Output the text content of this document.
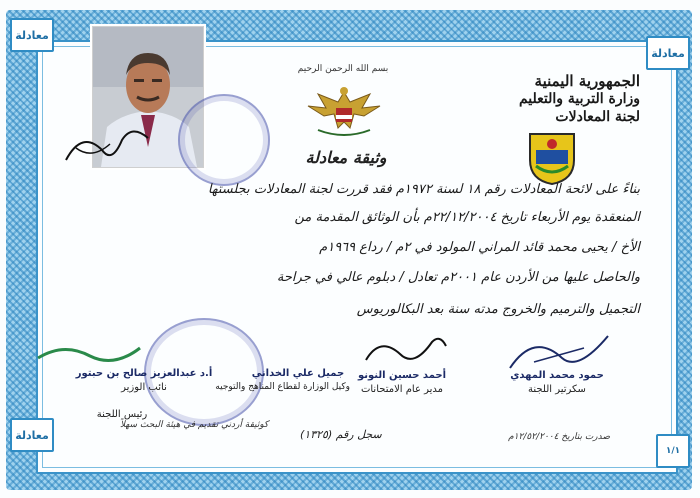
معادلة
معادلة
معادلة
١/١
بسم الله الرحمن الرحيم
وثيقة معادلة
الجمهورية اليمنية
وزارة التربية والتعليم
لجنة المعادلات
بناءً على لائحة المعادلات رقم ١٨ لسنة ١٩٧٢م فقد قررت لجنة المعادلات بجلستها
المنعقدة يوم الأربعاء تاريخ ٢٢/١٢/٢٠٠٤م بأن الوثائق المقدمة من
الأخ / يحيى محمد قائد المراني المولود في ٢م / رداع ١٩٦٩م
والحاصل عليها من الأردن عام ٢٠٠١م تعادل / دبلوم عالي في جراحة
التجميل والترميم والخروج مدته سنة بعد البكالوريوس
حمود محمد المهدي
سكرتير اللجنة
أحمد حسين النونو
مدير عام الامتحانات
جميل علي الخداني
وكيل الوزارة لقطاع المناهج والتوجيه
أ.د عبدالعزيز صالح بن حبتور
نائب الوزير
رئيس اللجنة
كوثيقة أردني تقديم في هيئة البحث سهلاً
سجل رقم (١٣٢٥)	صدرت بتاريخ ١٢/٥٢/٢٠٠٤م
